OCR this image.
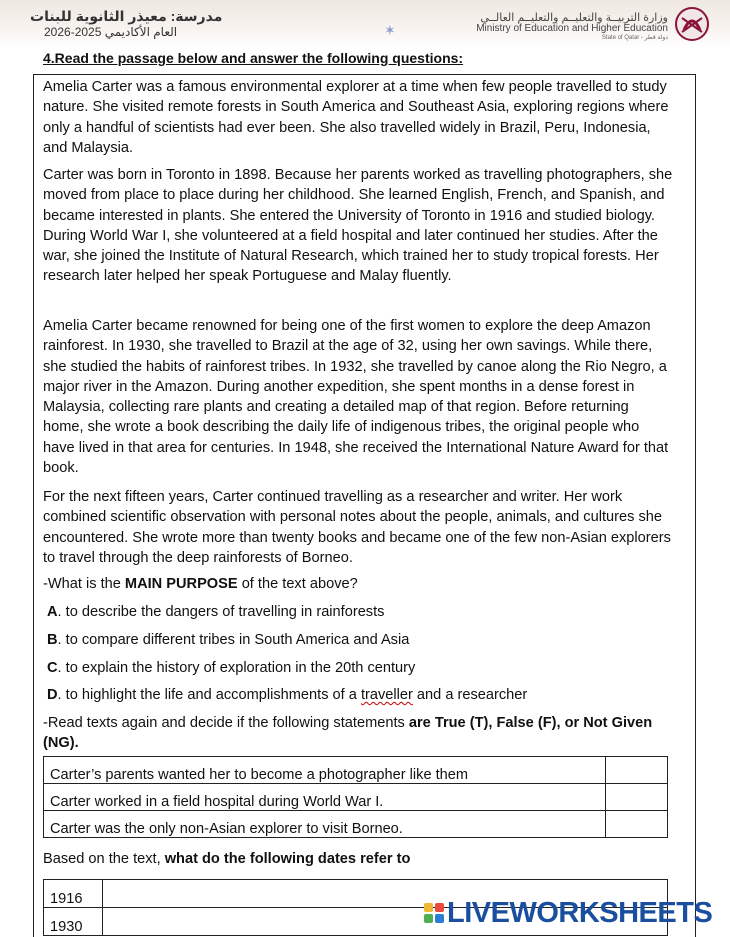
مدرسة: معيذر الثانوية للبنات
العام الأكاديمي 2025-2026	✶
وزارة التربيــة والتعليــم والتعليــم العالــي
Ministry of Education and Higher Education
State of Qatar - دولة قطر
4.Read the passage below and answer the following questions:

Amelia Carter was a famous environmental explorer at a time when few people travelled to study nature. She visited remote forests in South America and Southeast Asia, exploring regions where only a handful of scientists had ever been. She also travelled widely in Brazil, Peru, Indonesia, and Malaysia.

Carter was born in Toronto in 1898. Because her parents worked as travelling photographers, she moved from place to place during her childhood. She learned English, French, and Spanish, and became interested in plants. She entered the University of Toronto in 1916 and studied biology. During World War I, she volunteered at a field hospital and later continued her studies. After the war, she joined the Institute of Natural Research, which trained her to study tropical forests. Her research later helped her speak Portuguese and Malay fluently.

Amelia Carter became renowned for being one of the first women to explore the deep Amazon rainforest. In 1930, she travelled to Brazil at the age of 32, using her own savings. While there, she studied the habits of rainforest tribes. In 1932, she travelled by canoe along the Rio Negro, a major river in the Amazon. During another expedition, she spent months in a dense forest in Malaysia, collecting rare plants and creating a detailed map of that region. Before returning home, she wrote a book describing the daily life of indigenous tribes, the original people who have lived in that area for centuries. In 1948, she received the International Nature Award for that book.

For the next fifteen years, Carter continued travelling as a researcher and writer. Her work combined scientific observation with personal notes about the people, animals, and cultures she encountered. She wrote more than twenty books and became one of the few non-Asian explorers to travel through the deep rainforests of Borneo.

-What is the MAIN PURPOSE of the text above?
A. to describe the dangers of travelling in rainforests
B. to compare different tribes in South America and Asia
C. to explain the history of exploration in the 20th century
D. to highlight the life and accomplishments of a traveller and a researcher
-Read texts again and decide if the following statements are True (T), False (F), or Not Given (NG).
Carter’s parents wanted her to become a photographer like them	
Carter worked in a field hospital during World War I.	
Carter was the only non-Asian explorer to visit Borneo.	
Based on the text, what do the following dates refer to
1916	
1930		LIVEWORKSHEETS
